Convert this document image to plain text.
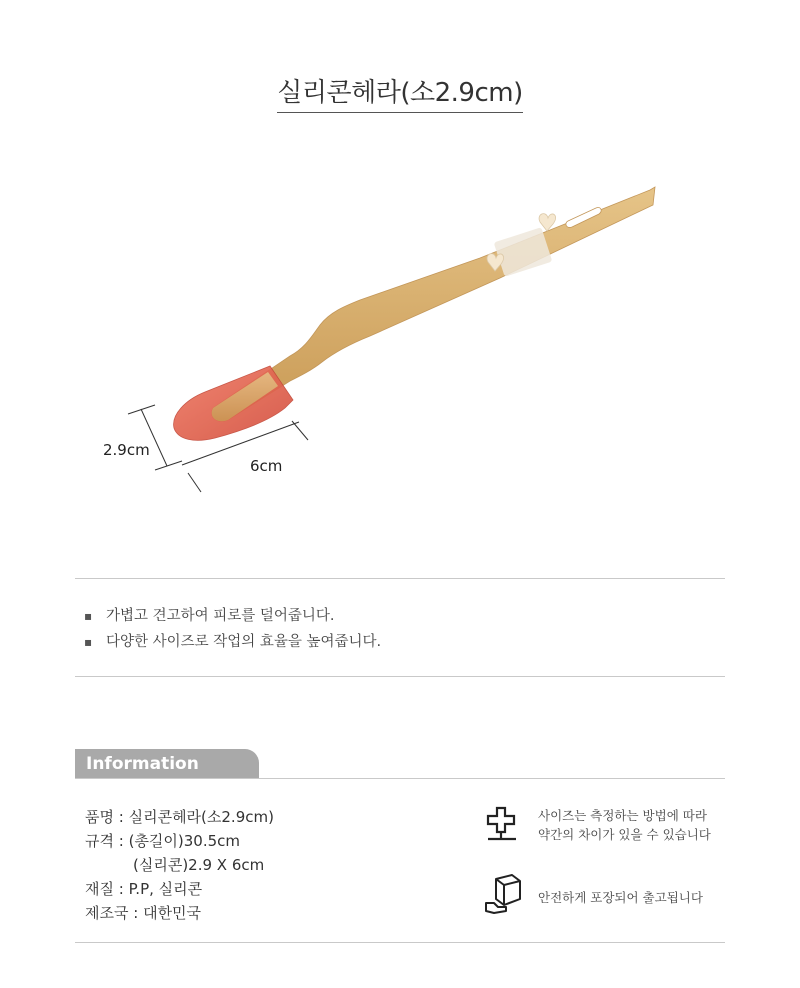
실리콘헤라(소2.9cm)
2.9cm
6cm
▪ 가볍고 견고하여 피로를 덜어줍니다.
▪ 다양한 사이즈로 작업의 효율을 높여줍니다.
Information
품명 : 실리콘헤라(소2.9cm)
규격 : (총길이)30.5cm
(실리콘)2.9 X 6cm
재질 : P.P, 실리콘
제조국 : 대한민국
사이즈는 측정하는 방법에 따라
약간의 차이가 있을 수 있습니다
안전하게 포장되어 출고됩니다
